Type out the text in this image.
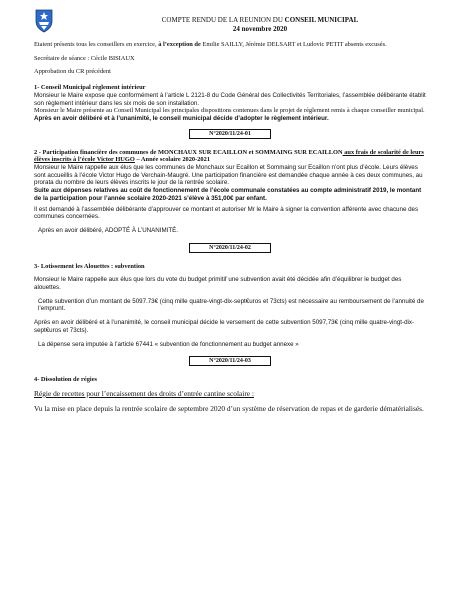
COMPTE RENDU DE LA REUNION DU CONSEIL MUNICIPAL
24 novembre 2020

Etaient présents tous les conseillers en exercice, à l’exception de Emilie SAILLY, Jérémie DELSART et Ludovic PETIT absents excusés.

Secrétaire de séance : Cécile BISIAUX

Approbation du CR précédent

1- Conseil Municipal règlement intérieur

Monsieur le Maire expose que conformément à l’article L 2121-8 du Code Général des Collectivités Territoriales, l’assemblée délibérante établit son règlement intérieur dans les six mois de son installation.

Monsieur le Maire présente au Conseil Municipal les principales dispositions contenues dans le projet de règlement remis à chaque conseiller municipal.

Après en avoir délibéré et à l’unanimité, le conseil municipal décide d’adopter le règlement intérieur.

N°2020/11/24-01

2 - Participation financière des communes de MONCHAUX SUR ECAILLON et SOMMAING SUR ECAILLON aux frais de scolarité de leurs élèves inscrits à l’école Victor HUGO – Année scolaire 2020-2021

Monsieur le Maire rappelle aux élus que les communes de Monchaux sur Ecaillon et Sommaing sur Ecaillon n’ont plus d’école. Leurs élèves sont accueillis à l’école Victor Hugo de Verchain-Maugré. Une participation financière est demandée chaque année à ces deux communes, au prorata du nombre de leurs élèves inscrits le jour de la rentrée scolaire.

Suite aux dépenses relatives au coût de fonctionnement de l’école communale constatées au compte administratif 2019, le montant de la participation pour l’année scolaire 2020-2021 s’élève à 351,00€ par enfant.

Il est demandé à l’assemblée délibérante d’approuver ce montant et autoriser Mr le Maire à signer la convention afférente avec chacune des communes concernées.

Après en avoir délibéré, ADOPTÉ À L’UNANIMITÉ.

N°2020/11/24-02

3- Lotissement les Alouettes : subvention

Monsieur le Maire rappelle aux élus que lors du vote du budget primitif une subvention avait été décidée afin d’équilibrer le budget des alouettes.

Cette subvention d’un montant de 5097.73€ (cinq mille quatre-vingt-dix-sept€uros et 73cts) est nécessaire au remboursement de l’annuité de l’emprunt.

Après en avoir délibéré et à l’unanimité, le conseil municipal décide le versement de cette subvention 5097,73€ (cinq mille quatre-vingt-dix-sept€uros et 73cts).

La dépense sera imputée à l’article 67441 « subvention de fonctionnement au budget annexe »

N°2020/11/24-03

4- Dissolution de régies

Régie de recettes pour l’encaissement des droits d’entrée cantine scolaire :

Vu la mise en place depuis la rentrée scolaire de septembre 2020 d’un système de réservation de repas et de garderie dématérialisés.
